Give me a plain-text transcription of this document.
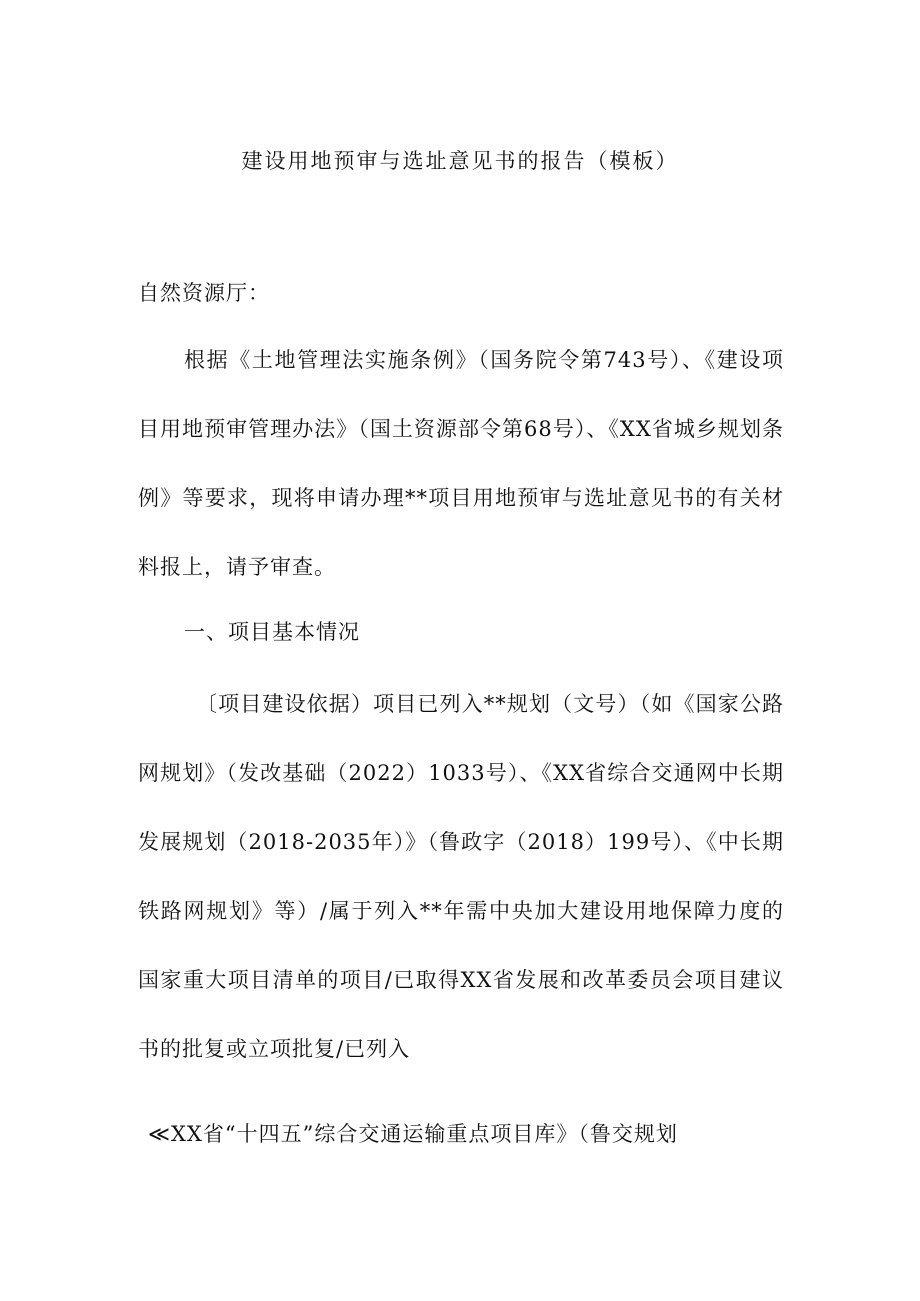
建设用地预审与选址意见书的报告（模板）
自然资源厅：

根据《土地管理法实施条例》（国务院令第743号）、《建设项目用地预审管理办法》（国土资源部令第68号）、《XX省城乡规划条例》等要求，现将申请办理**项目用地预审与选址意见书的有关材料报上，请予审查。

一、项目基本情况

〔项目建设依据）项目已列入**规划（文号）（如《国家公路网规划》（发改基础（2022）1033号）、《XX省综合交通网中长期发展规划（2018-2035年）》（鲁政字（2018）199号）、《中长期铁路网规划》等）/属于列入**年需中央加大建设用地保障力度的国家重大项目清单的项目/已取得XX省发展和改革委员会项目建议书的批复或立项批复/已列入

≪XX省“十四五”综合交通运输重点项目库》（鲁交规划
